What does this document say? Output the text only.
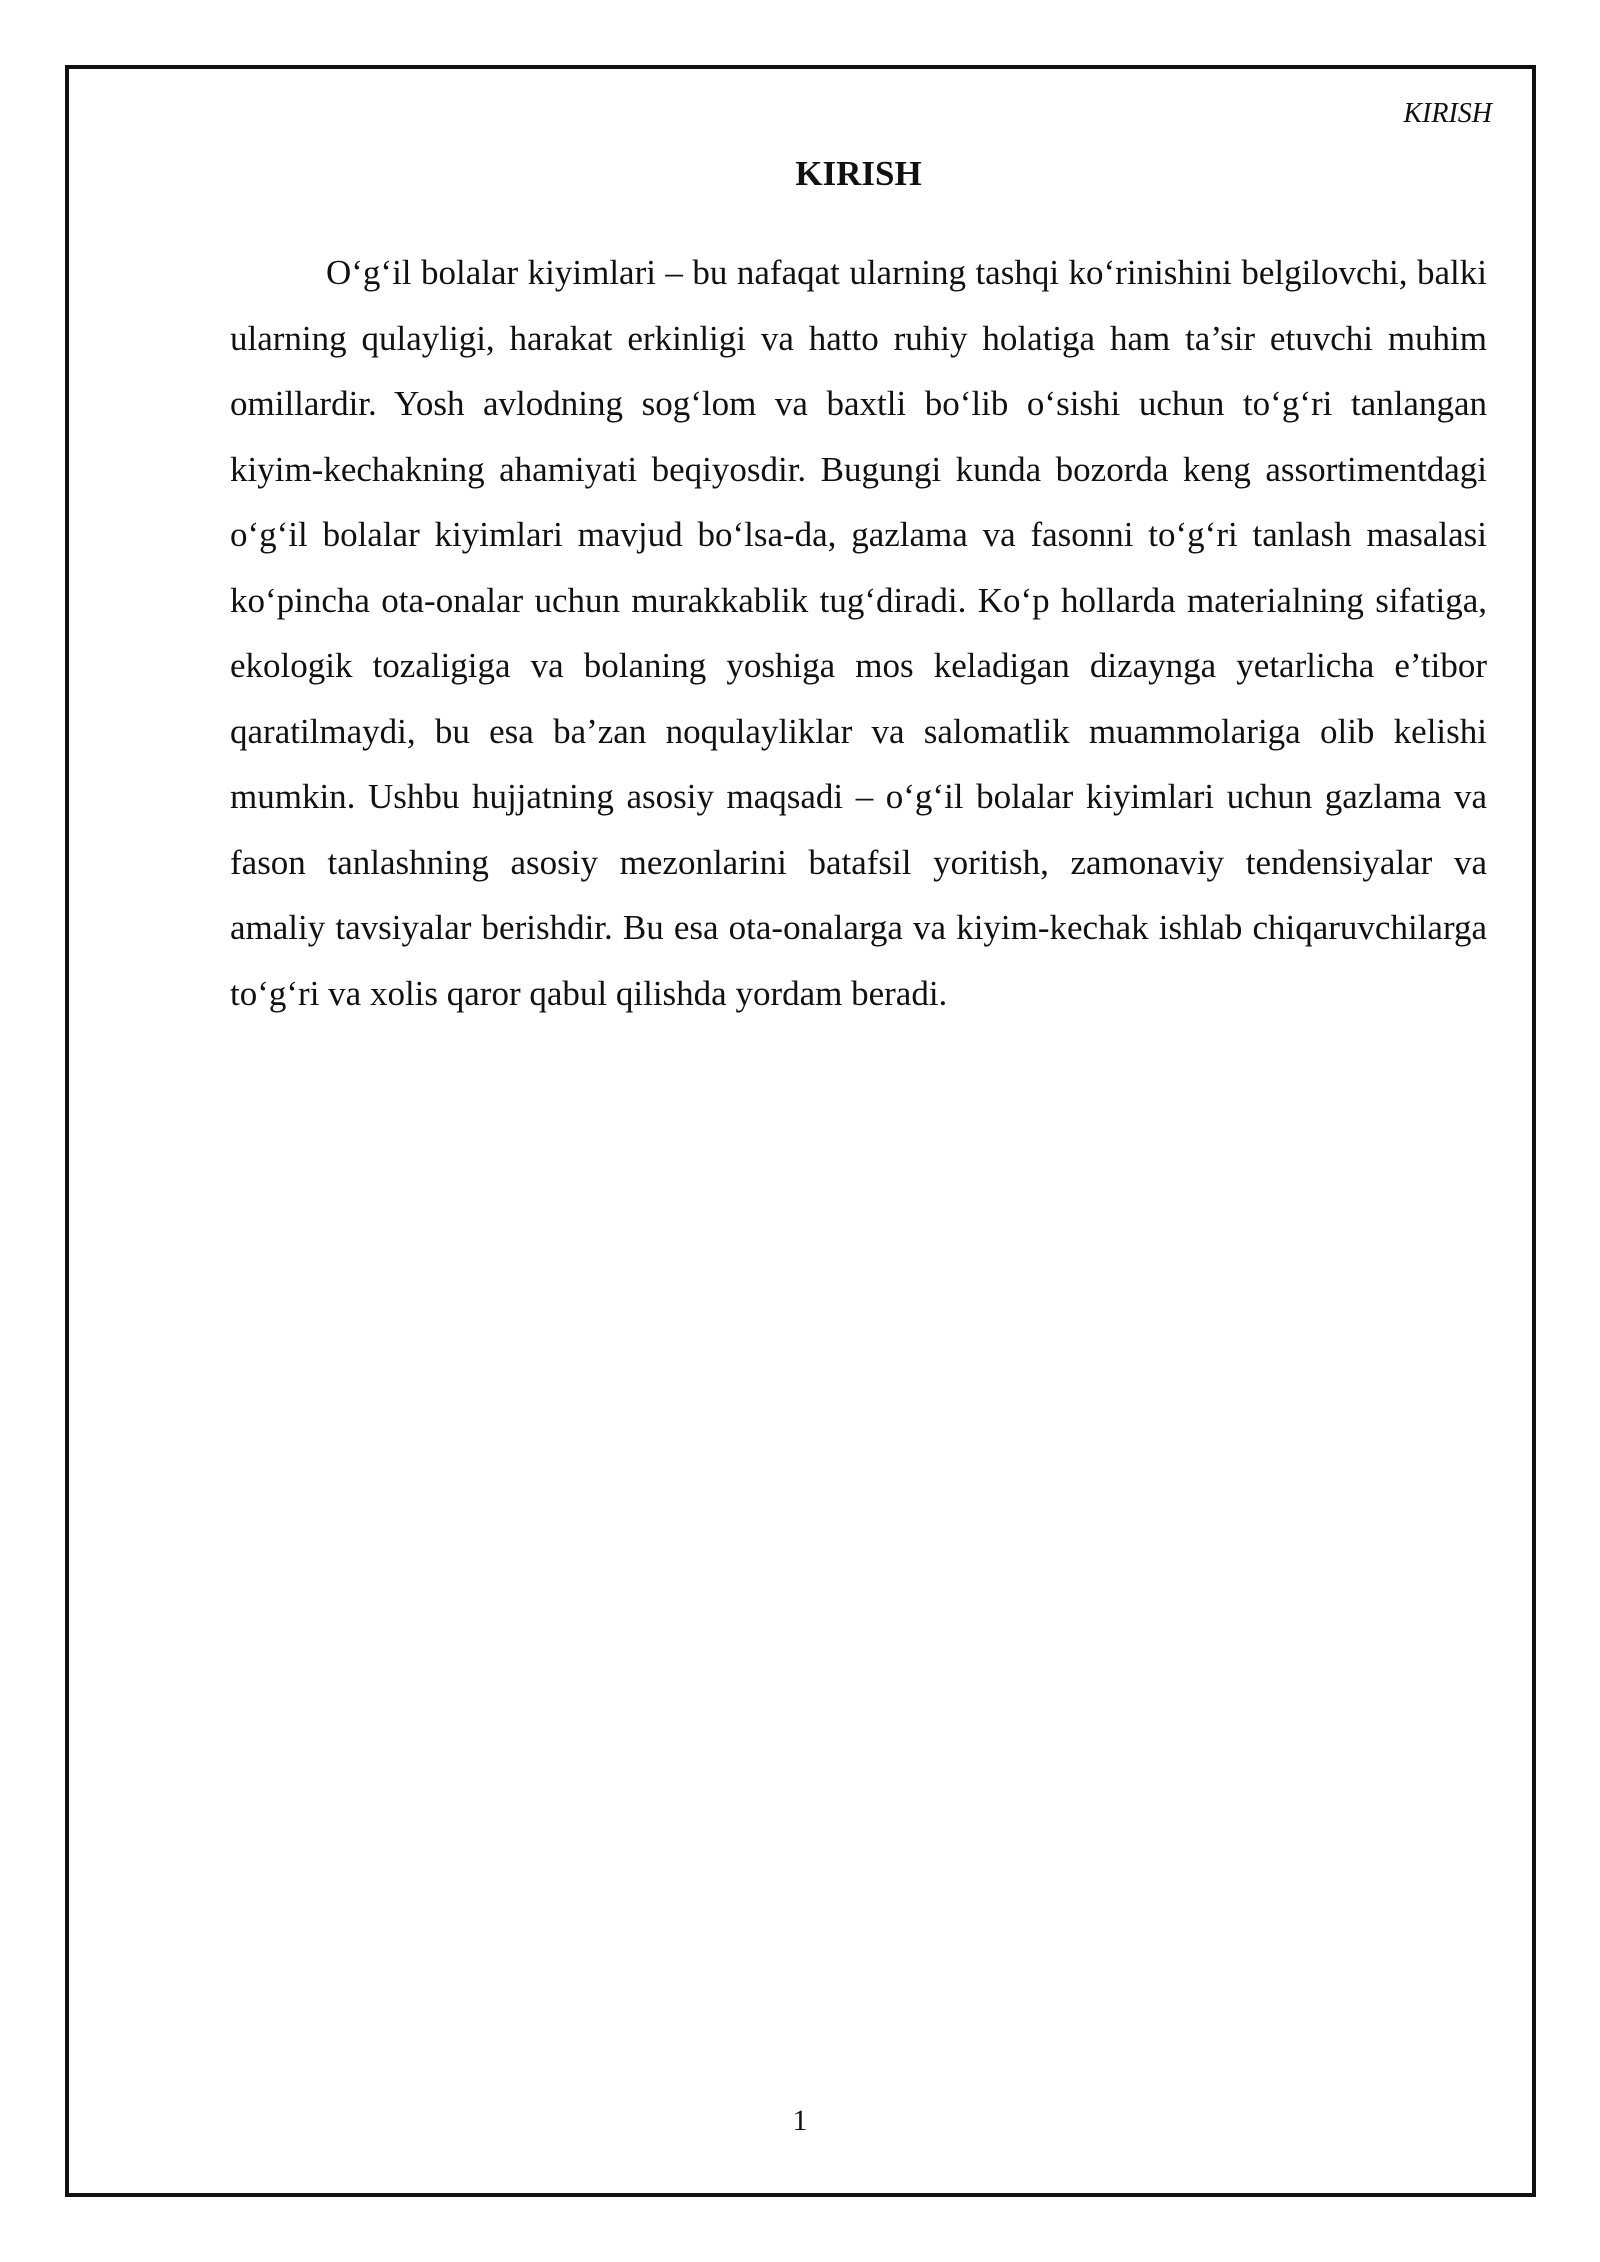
KIRISH
KIRISH

O‘g‘il bolalar kiyimlari – bu nafaqat ularning tashqi ko‘rinishini belgilovchi, balki ularning qulayligi, harakat erkinligi va hatto ruhiy holatiga ham ta’sir etuvchi muhim omillardir. Yosh avlodning sog‘lom va baxtli bo‘lib o‘sishi uchun to‘g‘ri tanlangan kiyim-kechakning ahamiyati beqiyosdir. Bugungi kunda bozorda keng assortimentdagi o‘g‘il bolalar kiyimlari mavjud bo‘lsa-da, gazlama va fasonni to‘g‘ri tanlash masalasi ko‘pincha ota-onalar uchun murakkablik tug‘diradi. Ko‘p hollarda materialning sifatiga, ekologik tozaligiga va bolaning yoshiga mos keladigan dizaynga yetarlicha e’tibor qaratilmaydi, bu esa ba’zan noqulayliklar va salomatlik muammolariga olib kelishi mumkin. Ushbu hujjatning asosiy maqsadi – o‘g‘il bolalar kiyimlari uchun gazlama va fason tanlashning asosiy mezonlarini batafsil yoritish, zamonaviy tendensiyalar va amaliy tavsiyalar berishdir. Bu esa ota-onalarga va kiyim-kechak ishlab chiqaruvchilarga to‘g‘ri va xolis qaror qabul qilishda yordam beradi.

1
